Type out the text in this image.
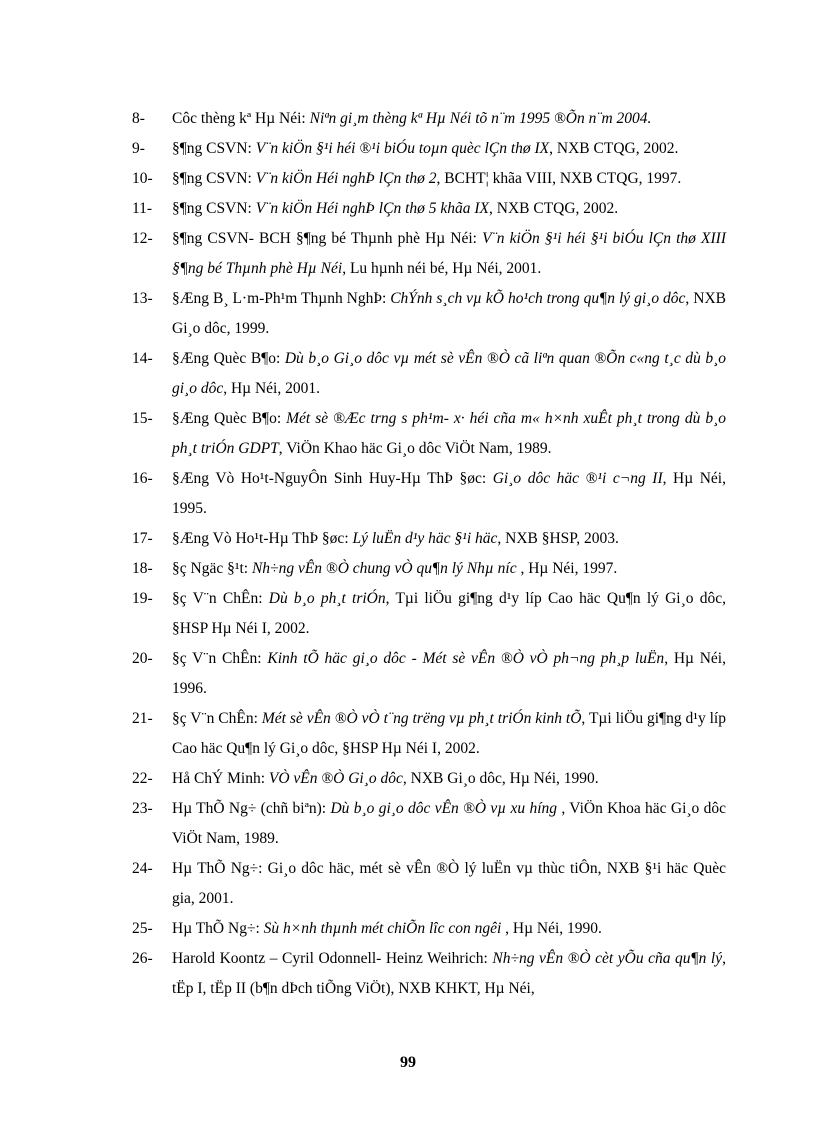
8-	Côc thèng kª Hµ Néi: Niªn gi¸m thèng kª Hµ Néi tõ n¨m 1995 ®Õn n¨m 2004.
9-	§¶ng CSVN: V¨n kiÖn §¹i héi ®¹i biÓu toµn quèc lÇn thø IX, NXB CTQG, 2002.
10-	§¶ng CSVN: V¨n kiÖn Héi nghÞ lÇn thø 2, BCHT¦ khãa VIII, NXB CTQG, 1997.
11-	§¶ng CSVN: V¨n kiÖn Héi nghÞ lÇn thø 5 khãa IX, NXB CTQG, 2002.
12-	§¶ng CSVN- BCH §¶ng bé Thµnh phè Hµ Néi: V¨n kiÖn §¹i héi §¹i biÓu lÇn thø XIII §¶ng bé Thµnh phè Hµ Néi, Lu hµnh néi bé, Hµ Néi, 2001.
13-	§Æng B¸ L·m-Ph¹m Thµnh NghÞ: ChÝnh s¸ch vµ kÕ ho¹ch trong qu¶n lý gi¸o dôc, NXB Gi¸o dôc, 1999.
14-	§Æng Quèc B¶o: Dù b¸o Gi¸o dôc vµ mét sè vÊn ®Ò cã liªn quan ®Õn c«ng t¸c dù b¸o gi¸o dôc, Hµ Néi, 2001.
15-	§Æng Quèc B¶o: Mét sè ®Æc trng s ph¹m- x· héi cña m« h×nh xuÊt ph¸t trong dù b¸o ph¸t triÓn GDPT, ViÖn Khao häc Gi¸o dôc ViÖt Nam, 1989.
16-	§Æng Vò Ho¹t-NguyÔn Sinh Huy-Hµ ThÞ §øc: Gi¸o dôc häc ®¹i c¬ng II, Hµ Néi, 1995.
17-	§Æng Vò Ho¹t-Hµ ThÞ §øc: Lý luËn d¹y häc §¹i häc, NXB §HSP, 2003.
18-	§ç Ngäc §¹t: Nh÷ng vÊn ®Ò chung vÒ qu¶n lý Nhµ níc , Hµ Néi, 1997.
19-	§ç V¨n ChÊn: Dù b¸o ph¸t triÓn, Tµi liÖu gi¶ng d¹y líp Cao häc Qu¶n lý Gi¸o dôc, §HSP Hµ Néi I, 2002.
20-	§ç V¨n ChÊn: Kinh tÕ häc gi¸o dôc - Mét sè vÊn ®Ò vÒ ph¬ng ph¸p luËn, Hµ Néi, 1996.
21-	§ç V¨n ChÊn: Mét sè vÊn ®Ò vÒ t¨ng trëng vµ ph¸t triÓn kinh tÕ, Tµi liÖu gi¶ng d¹y líp Cao häc Qu¶n lý Gi¸o dôc, §HSP Hµ Néi I, 2002.
22-	Hå ChÝ Minh: VÒ vÊn ®Ò Gi¸o dôc, NXB Gi¸o dôc, Hµ Néi, 1990.
23-	Hµ ThÕ Ng÷ (chñ biªn): Dù b¸o gi¸o dôc vÊn ®Ò vµ xu híng , ViÖn Khoa häc Gi¸o dôc ViÖt Nam, 1989.
24-	Hµ ThÕ Ng÷: Gi¸o dôc häc, mét sè vÊn ®Ò lý luËn vµ thùc tiÔn, NXB §¹i häc Quèc gia, 2001.
25-	Hµ ThÕ Ng÷: Sù h×nh thµnh mét chiÕn lîc con ngêi , Hµ Néi, 1990.
26-	Harold Koontz – Cyril Odonnell- Heinz Weihrich: Nh÷ng vÊn ®Ò cèt yÕu cña qu¶n lý, tËp I, tËp II (b¶n dÞch tiÕng ViÖt), NXB KHKT, Hµ Néi,
99
